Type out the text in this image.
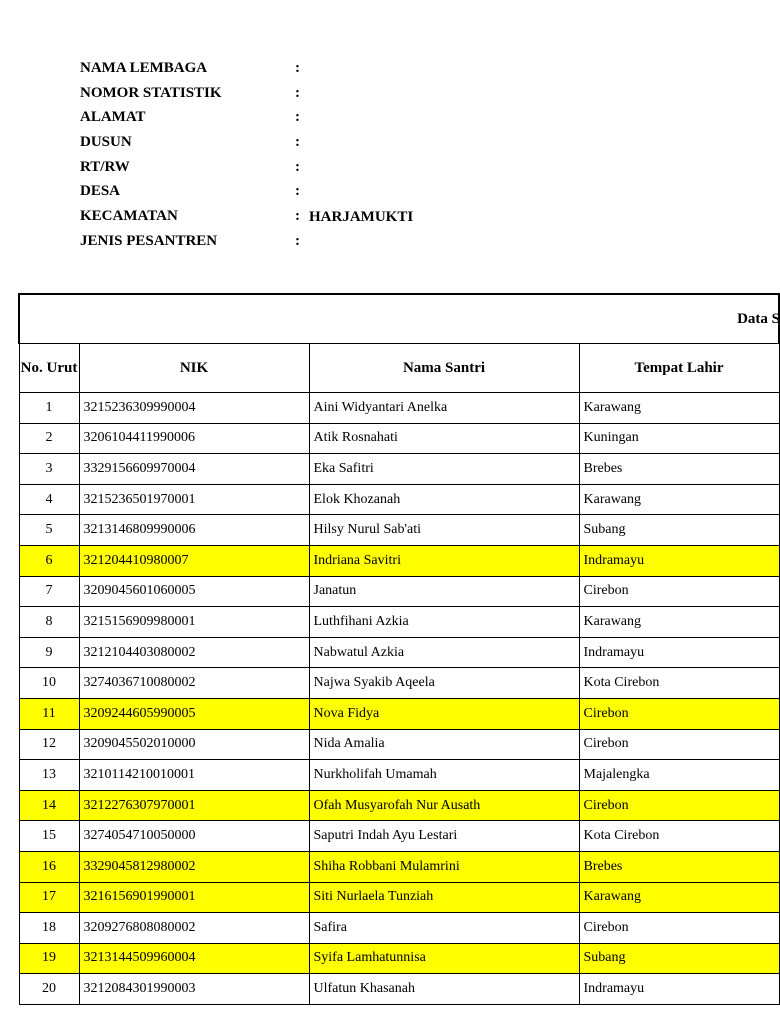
NAMA LEMBAGA	:
NOMOR STATISTIK	:
ALAMAT	:
DUSUN	:
RT/RW	:
DESA	:
KECAMATAN	: HARJAMUKTI
JENIS PESANTREN	:
Data S			
No. Urut	NIK	Nama Santri	Tempat Lahir
1	3215236309990004	Aini Widyantari Anelka	Karawang
2	3206104411990006	Atik Rosnahati	Kuningan
3	3329156609970004	Eka Safitri	Brebes
4	3215236501970001	Elok Khozanah	Karawang
5	3213146809990006	Hilsy Nurul Sab'ati	Subang
6	321204410980007	Indriana Savitri	Indramayu
7	3209045601060005	Janatun	Cirebon
8	3215156909980001	Luthfihani Azkia	Karawang
9	3212104403080002	Nabwatul Azkia	Indramayu
10	3274036710080002	Najwa Syakib Aqeela	Kota Cirebon
11	3209244605990005	Nova Fidya	Cirebon
12	3209045502010000	Nida Amalia	Cirebon
13	3210114210010001	Nurkholifah Umamah	Majalengka
14	3212276307970001	Ofah Musyarofah Nur Ausath	Cirebon
15	3274054710050000	Saputri Indah Ayu Lestari	Kota Cirebon
16	3329045812980002	Shiha Robbani Mulamrini	Brebes
17	3216156901990001	Siti Nurlaela Tunziah	Karawang
18	3209276808080002	Safira	Cirebon
19	3213144509960004	Syifa Lamhatunnisa	Subang
20	3212084301990003	Ulfatun Khasanah	Indramayu
